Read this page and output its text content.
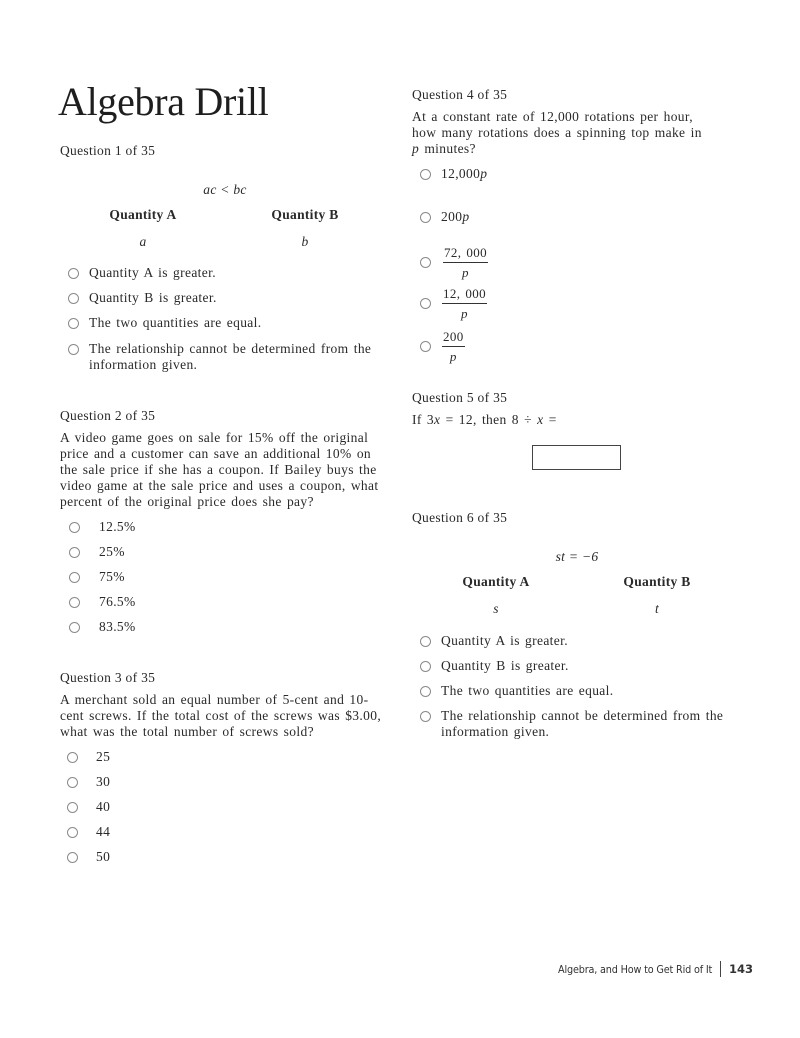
Algebra Drill
Question 1 of 35
ac < bc
Quantity A	Quantity B
a	b
Quantity A is greater.
Quantity B is greater.
The two quantities are equal.
The relationship cannot be determined from the
information given.
Question 2 of 35
A video game goes on sale for 15% off the original
price and a customer can save an additional 10% on
the sale price if she has a coupon. If Bailey buys the
video game at the sale price and uses a coupon, what
percent of the original price does she pay?
12.5%
25%
75%
76.5%
83.5%
Question 3 of 35
A merchant sold an equal number of 5-cent and 10-
cent screws. If the total cost of the screws was $3.00,
what was the total number of screws sold?
25
30
40
44
50
Question 4 of 35
At a constant rate of 12,000 rotations per hour,
how many rotations does a spinning top make in
p minutes?
12,000p
200p
$\frac{72, 000}{p}$
$\frac{12, 000}{p}$
$\frac{200}{p}$
Question 5 of 35
If 3x = 12, then 8 ÷ x =
Question 6 of 35
st = −6
Quantity A	Quantity B
s	t
Quantity A is greater.
Quantity B is greater.
The two quantities are equal.
The relationship cannot be determined from the
information given.
Algebra, and How to Get Rid of It 143
